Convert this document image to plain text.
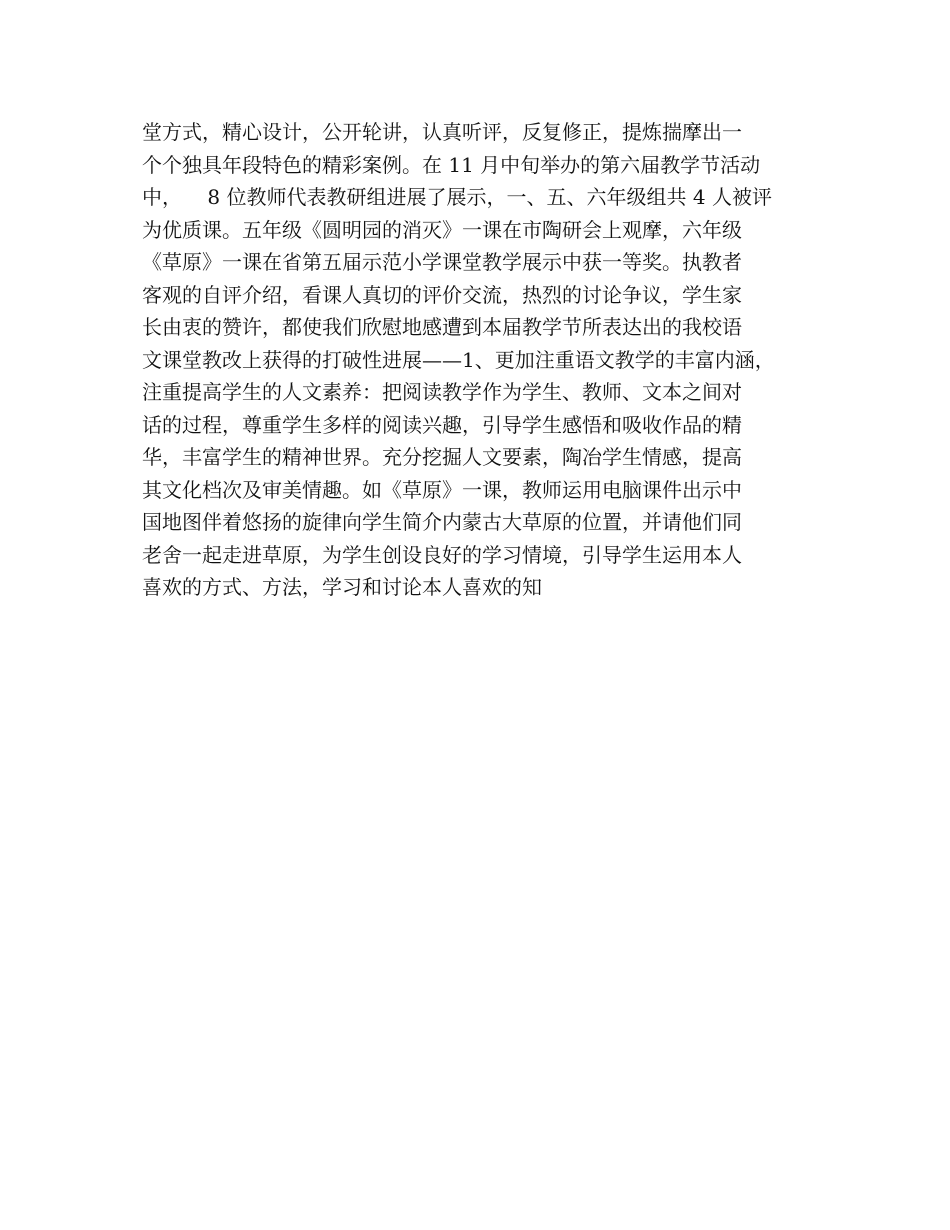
堂方式，精心设计，公开轮讲，认真听评，反复修正，提炼揣摩出一
个个独具年段特色的精彩案例。在 11 月中旬举办的第六届教学节活动
中，    8 位教师代表教研组进展了展示，一、五、六年级组共 4 人被评
为优质课。五年级《圆明园的消灭》一课在市陶研会上观摩，六年级
《草原》一课在省第五届示范小学课堂教学展示中获一等奖。执教者
客观的自评介绍，看课人真切的评价交流，热烈的讨论争议，学生家
长由衷的赞许，都使我们欣慰地感遭到本届教学节所表达出的我校语
文课堂教改上获得的打破性进展——1、更加注重语文教学的丰富内涵，
注重提高学生的人文素养：把阅读教学作为学生、教师、文本之间对
话的过程，尊重学生多样的阅读兴趣，引导学生感悟和吸收作品的精
华，丰富学生的精神世界。充分挖掘人文要素，陶冶学生情感，提高
其文化档次及审美情趣。如《草原》一课，教师运用电脑课件出示中
国地图伴着悠扬的旋律向学生简介内蒙古大草原的位置，并请他们同
老舍一起走进草原，为学生创设良好的学习情境，引导学生运用本人
喜欢的方式、方法，学习和讨论本人喜欢的知
